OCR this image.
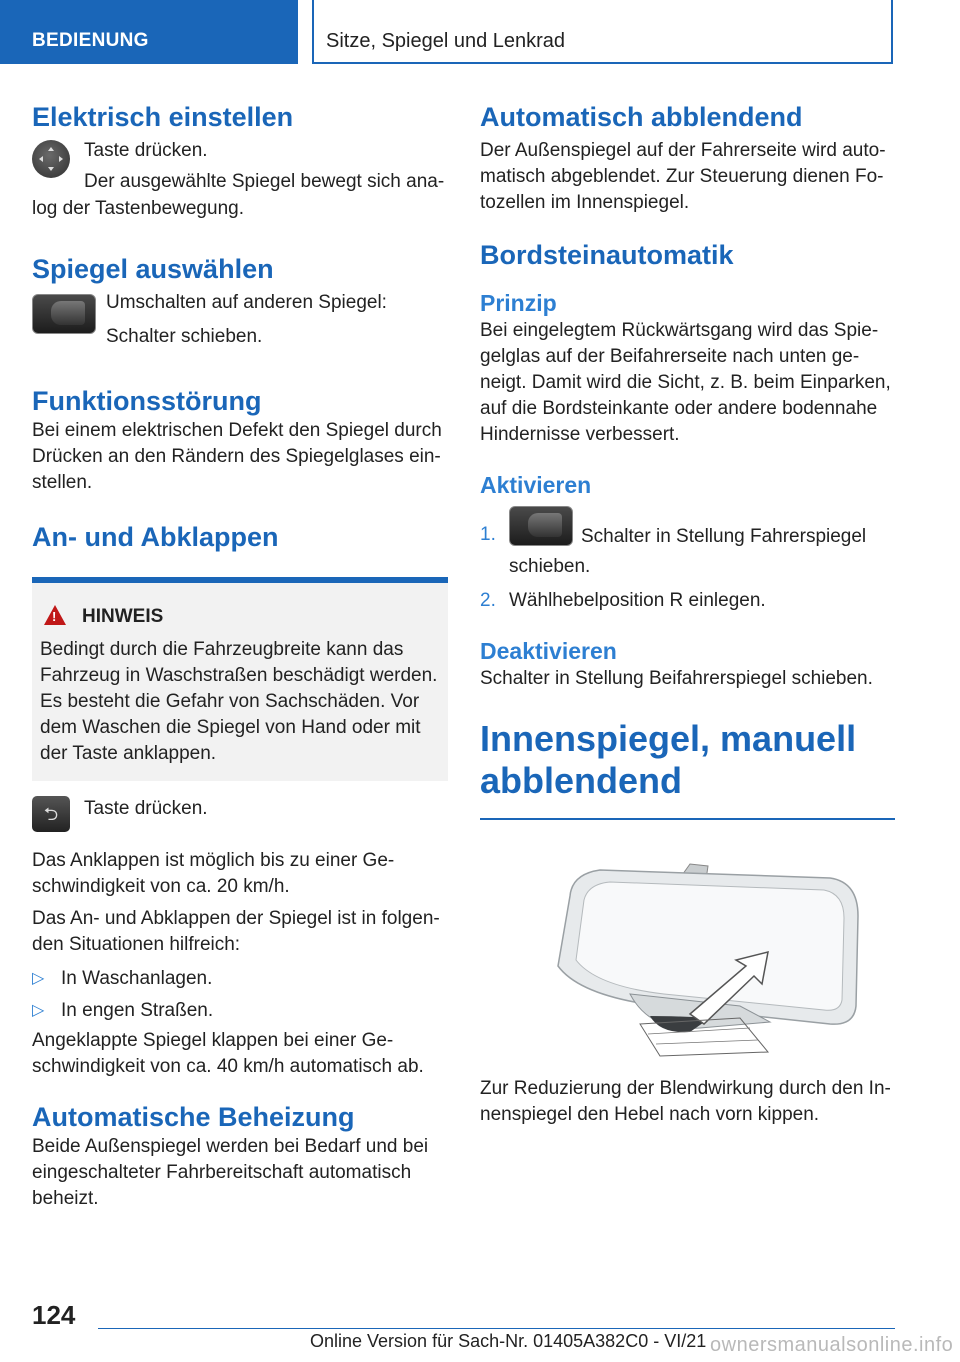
BEDIENUNG	Sitze, Spiegel und Lenkrad
Elektrisch einstellen

Taste drücken.

Der ausgewählte Spiegel bewegt sich ana-

log der Tastenbewegung.

Spiegel auswählen

Umschalten auf anderen Spiegel:

Schalter schieben.

Funktionsstörung

Bei einem elektrischen Defekt den Spiegel durch

Drücken an den Rändern des Spiegelglases ein-

stellen.

An- und Abklappen
!
HINWEIS

Bedingt durch die Fahrzeugbreite kann das

Fahrzeug in Waschstraßen beschädigt werden.

Es besteht die Gefahr von Sachschäden. Vor

dem Waschen die Spiegel von Hand oder mit

der Taste anklappen.

⮌	Taste drücken.

Das Anklappen ist möglich bis zu einer Ge-

schwindigkeit von ca. 20 km/h.

Das An- und Abklappen der Spiegel ist in folgen-

den Situationen hilfreich:

▷ In Waschanlagen.

▷ In engen Straßen.

Angeklappte Spiegel klappen bei einer Ge-

schwindigkeit von ca. 40 km/h automatisch ab.

Automatische Beheizung

Beide Außenspiegel werden bei Bedarf und bei

eingeschalteter Fahrbereitschaft automatisch

beheizt.

Automatisch abblendend

Der Außenspiegel auf der Fahrerseite wird auto-

matisch abgeblendet. Zur Steuerung dienen Fo-

tozellen im Innenspiegel.

Bordsteinautomatik
Prinzip

Bei eingelegtem Rückwärtsgang wird das Spie-

gelglas auf der Beifahrerseite nach unten ge-

neigt. Damit wird die Sicht, z. B. beim Einparken,

auf die Bordsteinkante oder andere bodennahe

Hindernisse verbessert.

Aktivieren
1.	Schalter in Stellung Fahrerspiegel

schieben.

2. Wählhebelposition R einlegen.

Deaktivieren

Schalter in Stellung Beifahrerspiegel schieben.

Innenspiegel, manuell
abblendend

Zur Reduzierung der Blendwirkung durch den In-

nenspiegel den Hebel nach vorn kippen.

124
Online Version für Sach-Nr. 01405A382C0 - VI/21 ownersmanualsonline.info
